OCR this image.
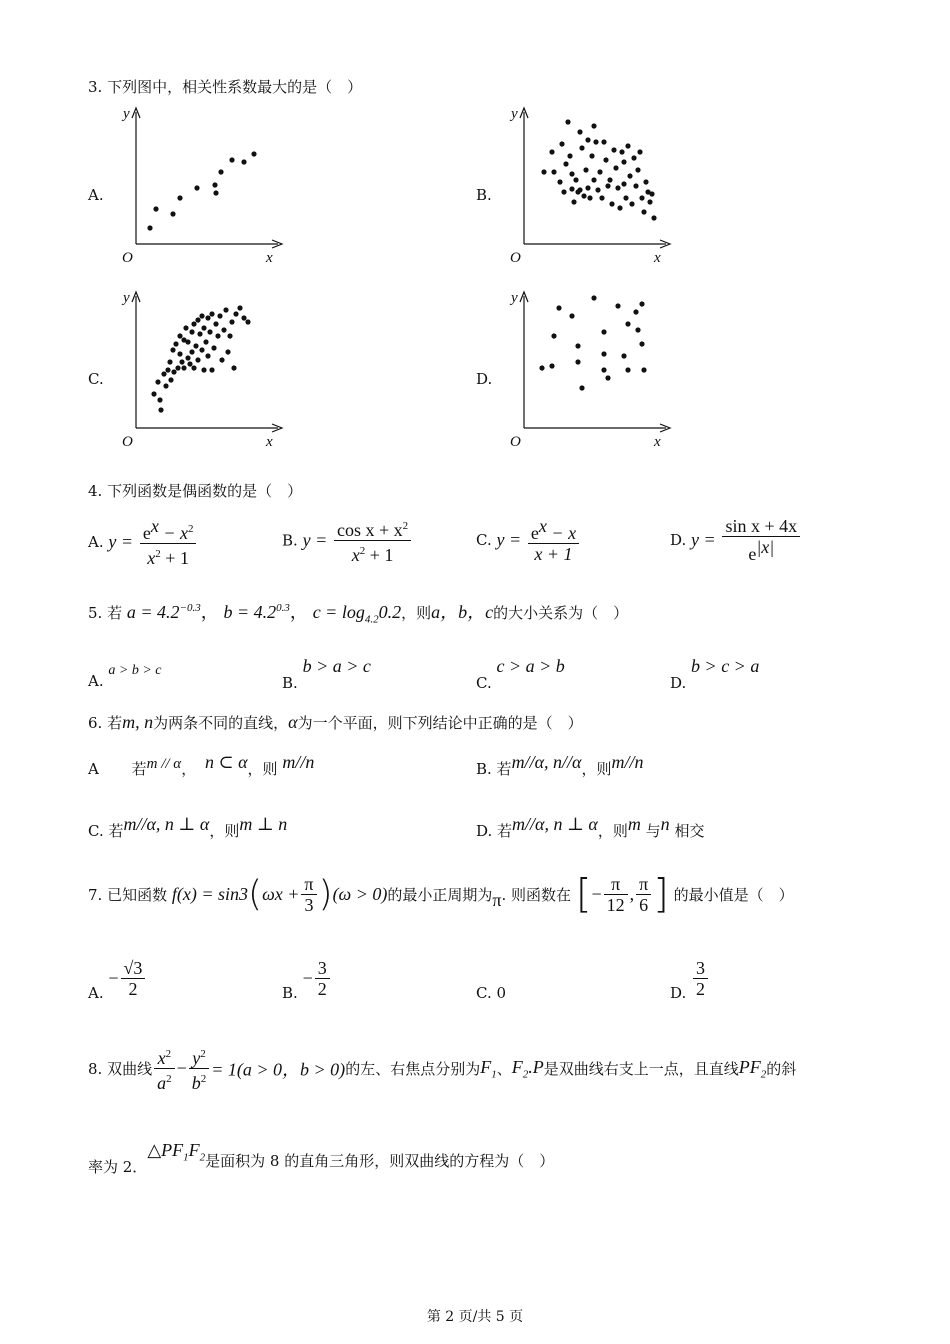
3. 下列图中，相关性系数最大的是（　）
A.	B.
C.	D.
y
x
O
y
x
O
y
x
O
y
x
O
4. 下列函数是偶函数的是（　）
A. $y = \frac{e^x - x^2}{x^2 + 1}$	B. $y = \frac{\cos x + x^2}{x^2 + 1}$	C. $y = \frac{e^x - x}{x + 1}$	D. $y = \frac{\text{sin x + 4x}}{e^{|x|}}$
5. 若 $a = 4.2^{-0.3}$， $b = 4.2^{0.3}$， $c = \log_{4.2}0.2$，则a，b，c的大小关系为（　）
A. a > b > c
B. b > a > c
C. c > a > b
D. b > c > a
6. 若m, n为两条不同的直线，α为一个平面，则下列结论中正确的是（　）
A 若m // α， n ⊂ α，则 m//n	B. 若m//α, n//α，则m//n
C. 若m//α, n ⊥ α，则m ⊥ n	D. 若m//α, n ⊥ α，则m 与n 相交
7. 已知函数 $f(x) = \sin 3(\omega x + \frac{\pi}{3} )(\omega > 0)$的最小正周期为π. 则函数在 [− $\frac{\pi}{12}$ , $\frac{\pi}{6}$ ] 的最小值是（　）
A. − $\frac{√3}{2}$	B. − $\frac{3}{2}$	C. 0	D. $\frac{3}{2}$
8. 双曲线 $\frac{x^2}{a^2} - \frac{y^2}{b^2} = 1(a > 0$，b > 0)的左、右焦点分别为$F_1$、$F_2.P$是双曲线右支上一点，且直线$PF_2$的斜
率为 2．$\triangle PF_1F_2$是面积为 8 的直角三角形，则双曲线的方程为（　）
第 2 页/共 5 页
